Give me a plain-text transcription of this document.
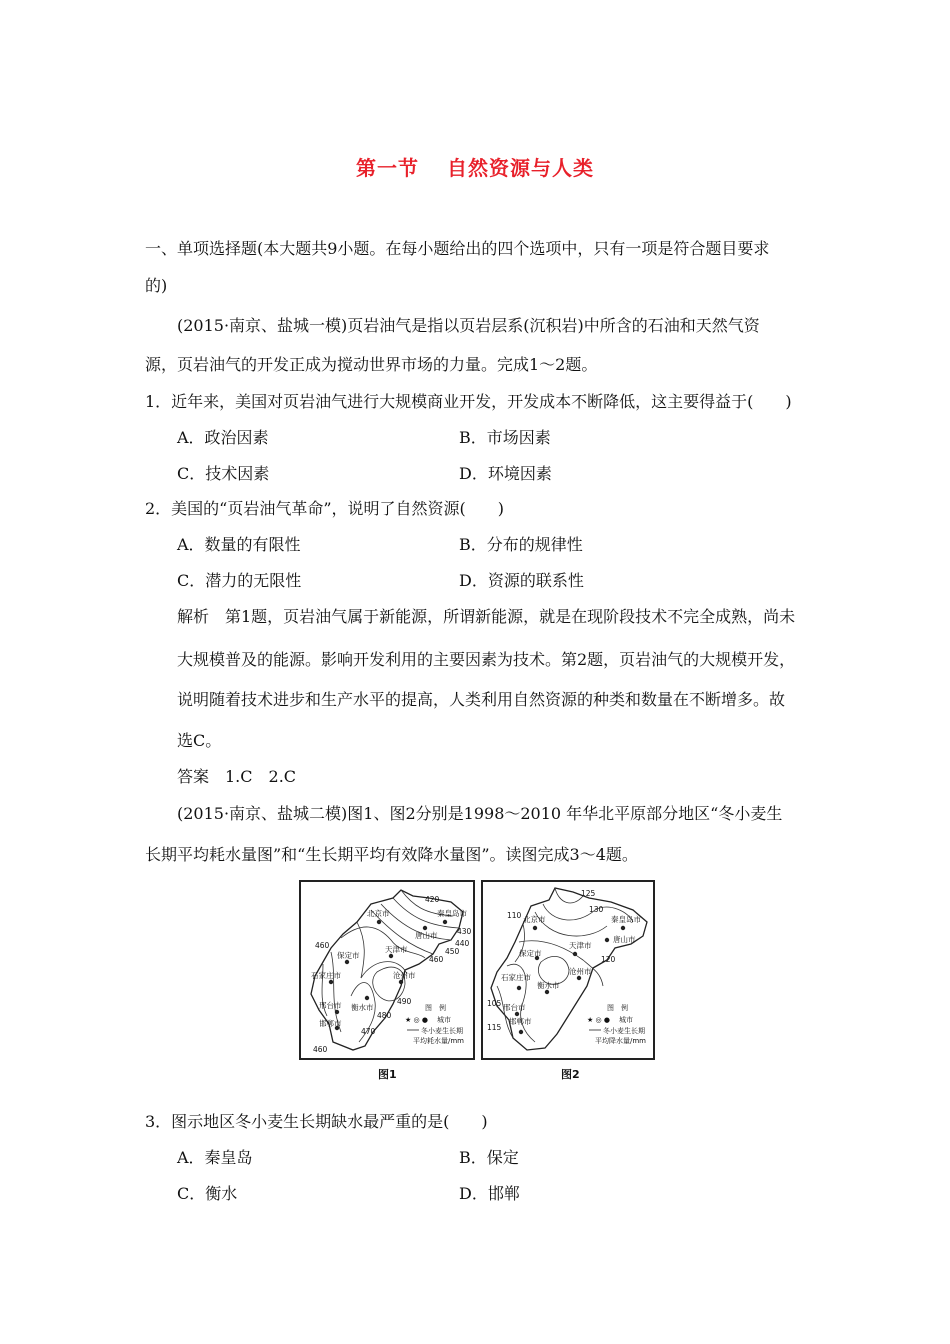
第一节 自然资源与人类
一、单项选择题(本大题共9小题。在每小题给出的四个选项中，只有一项是符合题目要求
的)
(2015·南京、盐城一模)页岩油气是指以页岩层系(沉积岩)中所含的石油和天然气资
源，页岩油气的开发正成为搅动世界市场的力量。完成1～2题。
1．近年来，美国对页岩油气进行大规模商业开发，开发成本不断降低，这主要得益于(　　)
A．政治因素	B．市场因素
C．技术因素	D．环境因素
2．美国的“页岩油气革命”，说明了自然资源(　　)
A．数量的有限性	B．分布的规律性
C．潜力的无限性	D．资源的联系性
解析　第1题，页岩油气属于新能源，所谓新能源，就是在现阶段技术不完全成熟，尚未
大规模普及的能源。影响开发利用的主要因素为技术。第2题，页岩油气的大规模开发，
说明随着技术进步和生产水平的提高，人类利用自然资源的种类和数量在不断增多。故
选C。
答案　1.C　2.C
(2015·南京、盐城二模)图1、图2分别是1998～2010 年华北平原部分地区“冬小麦生
长期平均耗水量图”和“生长期平均有效降水量图”。读图完成3～4题。
北京市
唐山市
秦皇岛市
天津市
保定市
石家庄市	沧州市
衡水市
邢台市
邯郸市
420
430
440
450
460
460
490
480
470
460
图　例
★ ◎ ● 城市
冬小麦生长期
平均耗水量/mm
图1
北京市	秦皇岛市
唐山市
天津市
保定市
石家庄市
沧州市
衡水市
邢台市
邯郸市
125
130
110
120
105
115
图　例
★ ◎ ● 城市
冬小麦生长期
平均降水量/mm
图2
3．图示地区冬小麦生长期缺水最严重的是(　　)
A．秦皇岛	B．保定
C．衡水	D．邯郸
